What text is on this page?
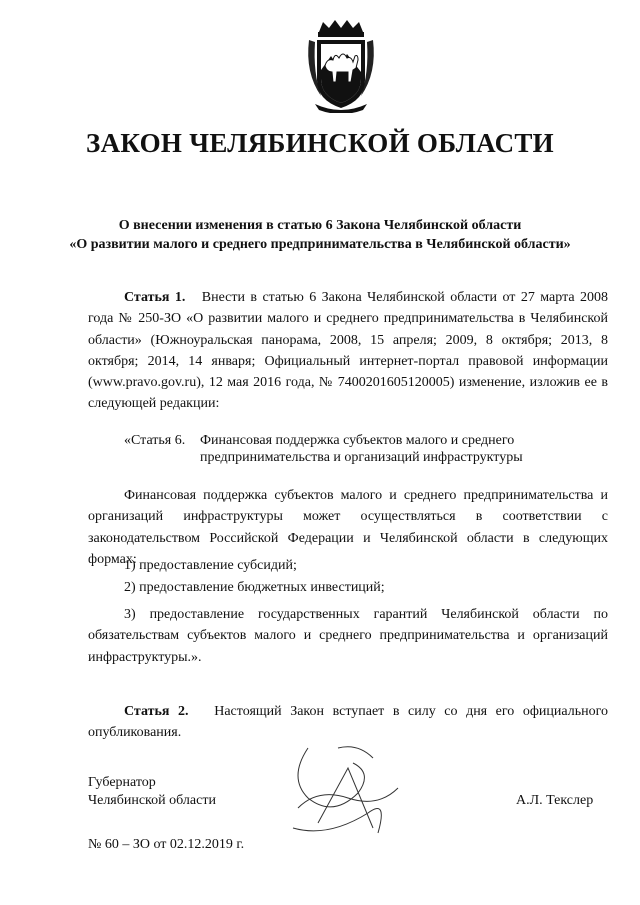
ЗАКОН ЧЕЛЯБИНСКОЙ ОБЛАСТИ
О внесении изменения в статью 6 Закона Челябинской области
«О развитии малого и среднего предпринимательства в Челябинской области»
Статья 1. Внести в статью 6 Закона Челябинской области от 27 марта 2008 года № 250-ЗО «О развитии малого и среднего предпринимательства в Челябинской области» (Южноуральская панорама, 2008, 15 апреля; 2009, 8 октября; 2013, 8 октября; 2014, 14 января; Официальный интернет-портал правовой информации (www.pravo.gov.ru), 12 мая 2016 года, № 7400201605120005) изменение, изложив ее в следующей редакции:
«Статья 6. Финансовая поддержка субъектов малого и среднего
предпринимательства и организаций инфраструктуры
Финансовая поддержка субъектов малого и среднего предпринимательства и организаций инфраструктуры может осуществляться в соответствии с законодательством Российской Федерации и Челябинской области в следующих формах:
1) предоставление субсидий;
2) предоставление бюджетных инвестиций;
3) предоставление государственных гарантий Челябинской области по обязательствам субъектов малого и среднего предпринимательства и организаций инфраструктуры.».
Статья 2. Настоящий Закон вступает в силу со дня его официального опубликования.
Губернатор
Челябинской области	А.Л. Текслер
№ 60 – ЗО от 02.12.2019 г.
